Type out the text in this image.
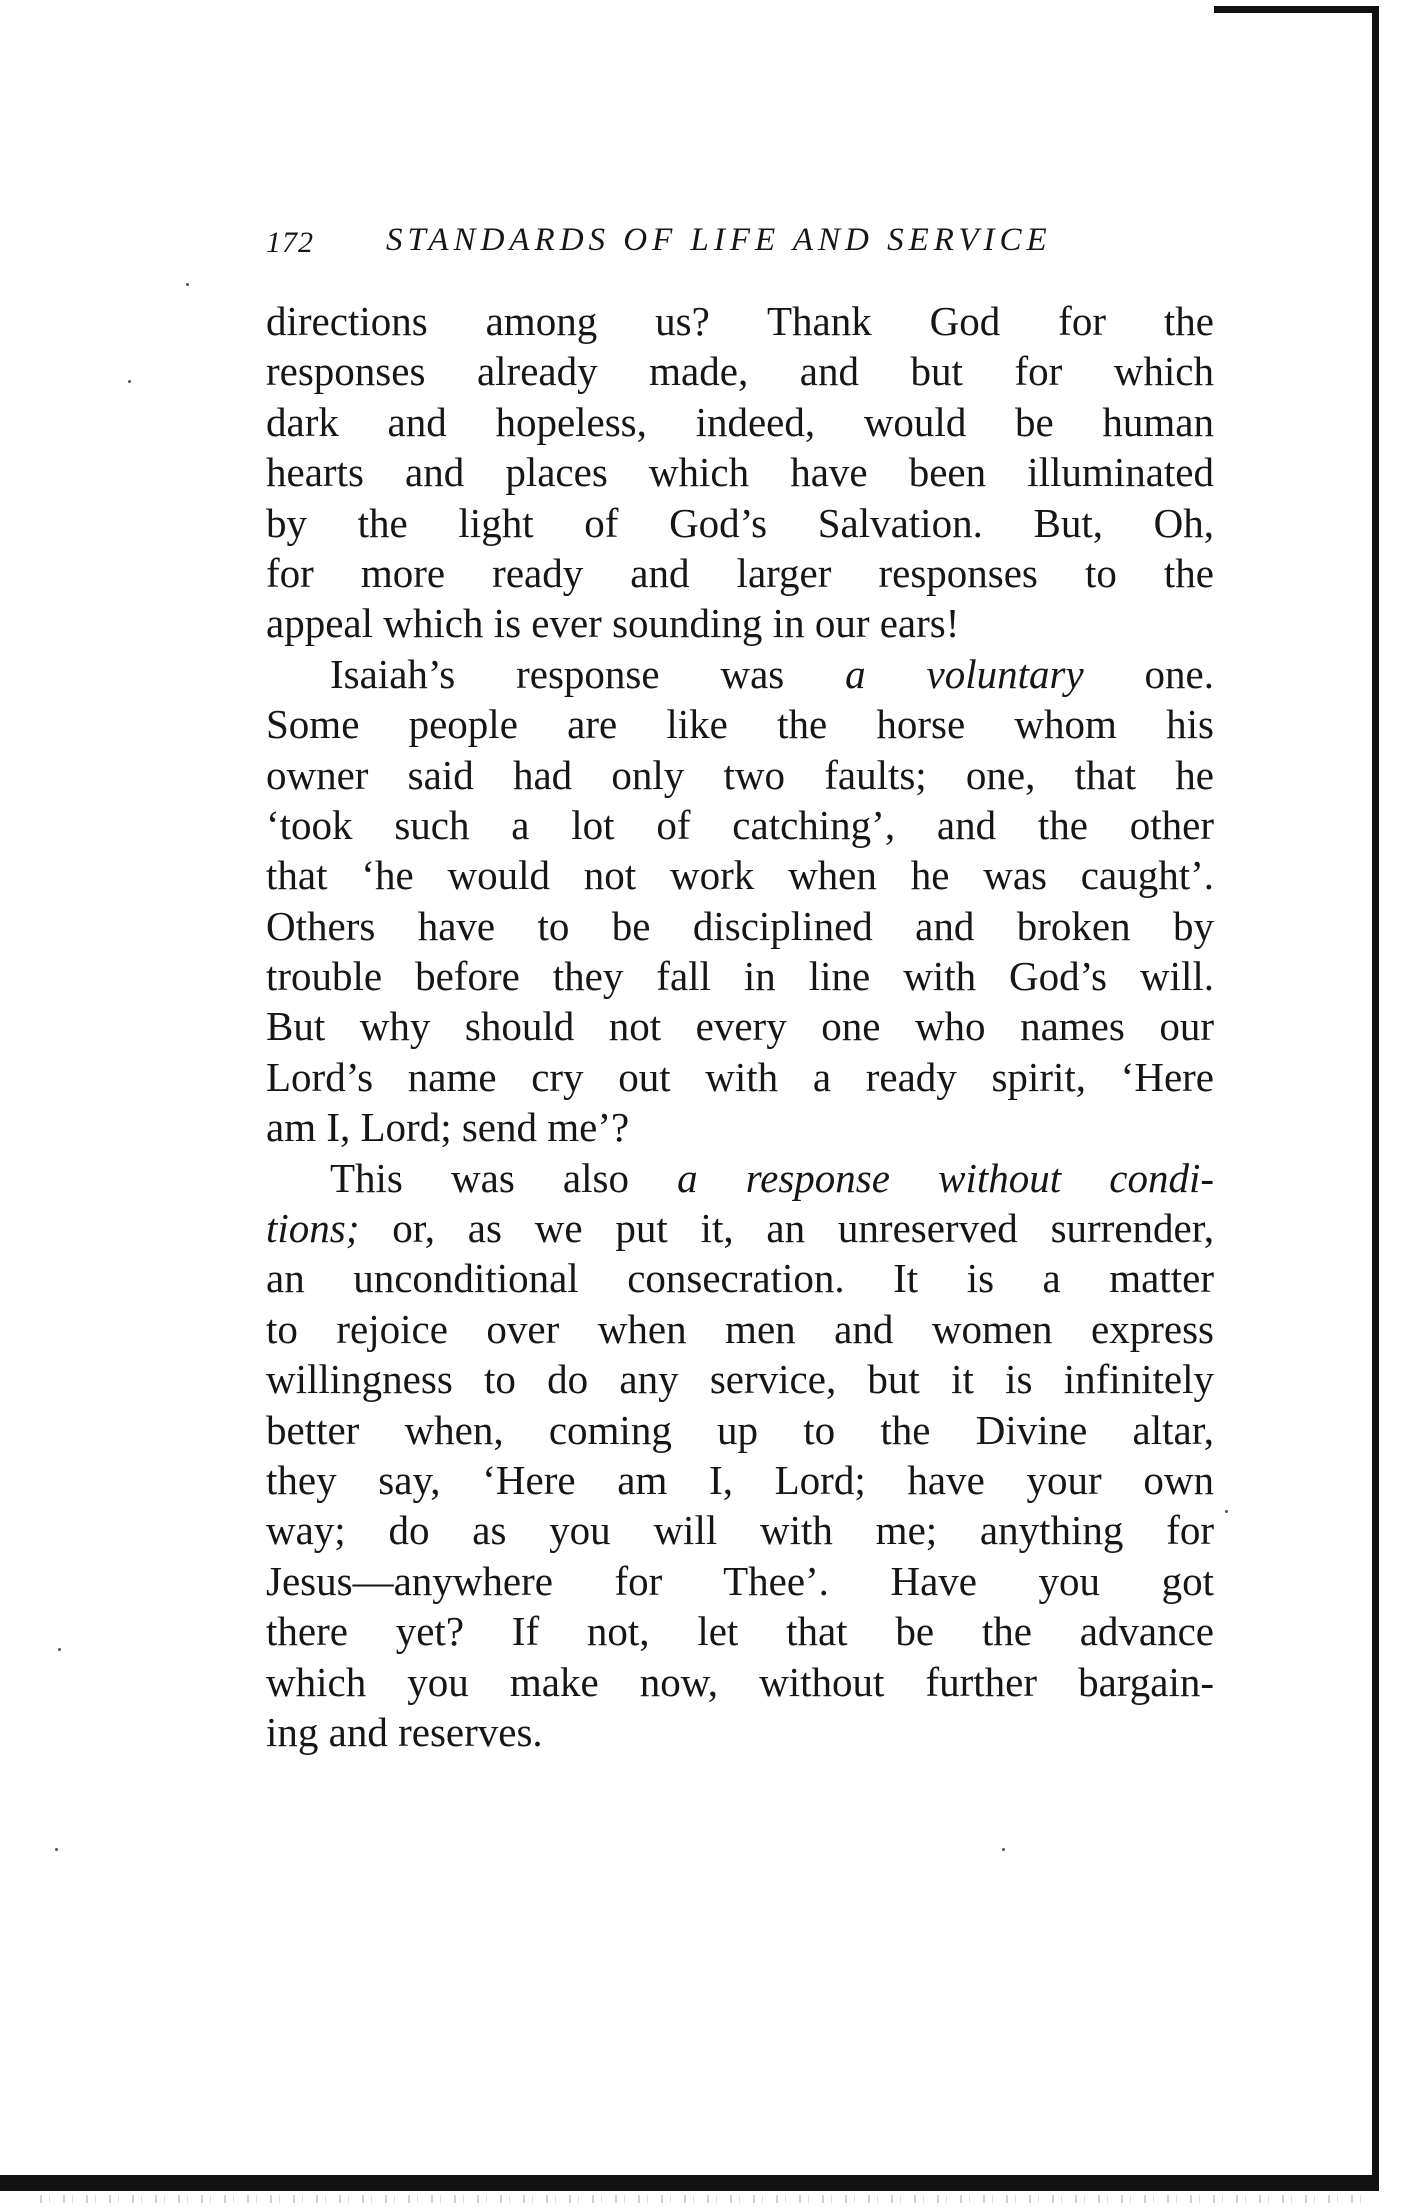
172 STANDARDS OF LIFE AND SERVICE
directions among us? Thank God for the
responses already made, and but for which
dark and hopeless, indeed, would be human
hearts and places which have been illuminated
by the light of God’s Salvation. But, Oh,
for more ready and larger responses to the
appeal which is ever sounding in our ears!
Isaiah’s response was a voluntary one.
Some people are like the horse whom his
owner said had only two faults; one, that he
‘took such a lot of catching’, and the other
that ‘he would not work when he was caught’.
Others have to be disciplined and broken by
trouble before they fall in line with God’s will.
But why should not every one who names our
Lord’s name cry out with a ready spirit, ‘Here
am I, Lord; send me’?
This was also a response without condi-
tions; or, as we put it, an unreserved surrender,
an unconditional consecration. It is a matter
to rejoice over when men and women express
willingness to do any service, but it is infinitely
better when, coming up to the Divine altar,
they say, ‘Here am I, Lord; have your own
way; do as you will with me; anything for
Jesus—anywhere for Thee’. Have you got
there yet? If not, let that be the advance
which you make now, without further bargain-
ing and reserves.
